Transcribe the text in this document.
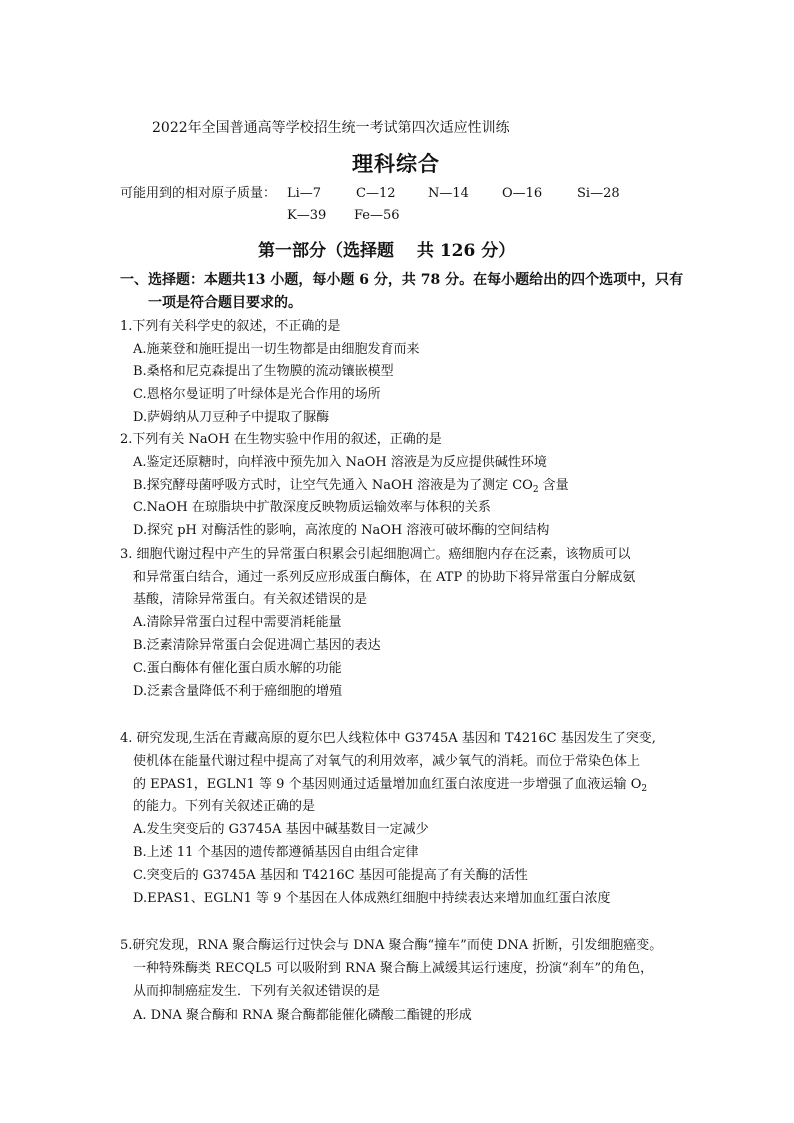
2022年全国普通高等学校招生统一考试第四次适应性训练
理科综合
可能用到的相对原子质量： Li—7	C—12	N—14	O—16	Si—28
K—39 Fe—56
第一部分（选择题　 共 126 分）
一、选择题：本题共13 小题，每小题 6 分，共 78 分。在每小题给出的四个选项中，只有
一项是符合题目要求的。
1.下列有关科学史的叙述，不正确的是
A.施莱登和施旺提出一切生物都是由细胞发育而来
B.桑格和尼克森提出了生物膜的流动镶嵌模型
C.恩格尔曼证明了叶绿体是光合作用的场所
D.萨姆纳从刀豆种子中提取了脲酶
2.下列有关 NaOH 在生物实验中作用的叙述，正确的是
A.鉴定还原糖时，向样液中预先加入 NaOH 溶液是为反应提供碱性环境
B.探究酵母菌呼吸方式时，让空气先通入 NaOH 溶液是为了测定 $CO_2$ 含量
C.NaOH 在琼脂块中扩散深度反映物质运输效率与体积的关系
D.探究 pH 对酶活性的影响，高浓度的 NaOH 溶液可破坏酶的空间结构
3. 细胞代谢过程中产生的异常蛋白积累会引起细胞凋亡。癌细胞内存在泛素，该物质可以
和异常蛋白结合，通过一系列反应形成蛋白酶体，在 ATP 的协助下将异常蛋白分解成氨
基酸，清除异常蛋白。有关叙述错误的是
A.清除异常蛋白过程中需要消耗能量
B.泛素清除异常蛋白会促进凋亡基因的表达
C.蛋白酶体有催化蛋白质水解的功能
D.泛素含量降低不利于癌细胞的增殖
4. 研究发现,生活在青藏高原的夏尔巴人线粒体中 G3745A 基因和 T4216C 基因发生了突变,
使机体在能量代谢过程中提高了对氧气的利用效率，减少氧气的消耗。而位于常染色体上
的 EPAS1，EGLN1 等 9 个基因则通过适量增加血红蛋白浓度进一步增强了血液运输 $O_2$
的能力。下列有关叙述正确的是
A.发生突变后的 G3745A 基因中碱基数目一定减少
B.上述 11 个基因的遗传都遵循基因自由组合定律
C.突变后的 G3745A 基因和 T4216C 基因可能提高了有关酶的活性
D.EPAS1、EGLN1 等 9 个基因在人体成熟红细胞中持续表达来增加血红蛋白浓度
5.研究发现，RNA 聚合酶运行过快会与 DNA 聚合酶“撞车”而使 DNA 折断，引发细胞癌变。
一种特殊酶类 RECQL5 可以吸附到 RNA 聚合酶上减缓其运行速度，扮演“刹车”的角色，
从而抑制癌症发生．下列有关叙述错误的是
A. DNA 聚合酶和 RNA 聚合酶都能催化磷酸二酯键的形成
